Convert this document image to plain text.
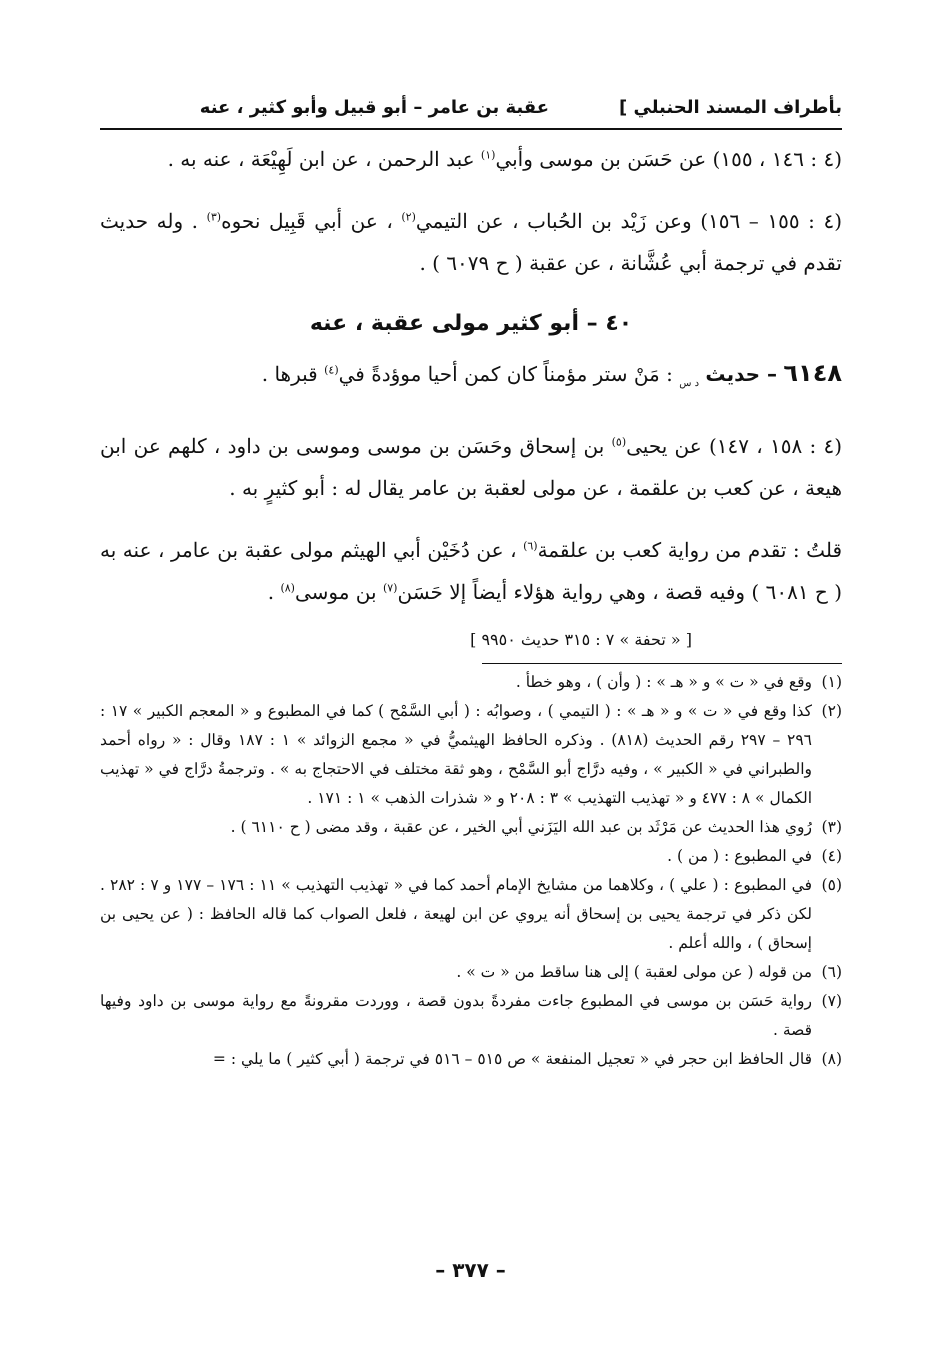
بأطراف المسند الحنبلي ]
عقبة بن عامر – أبو قبيل وأبو كثير ، عنه

(٤ : ١٤٦ ، ١٥٥) عن حَسَن بن موسى وأبي$^{(١)}$ عبد الرحمن ، عن ابن لَهِيْعَة ، عنه به .

(٤ : ١٥٥ – ١٥٦) وعن زَيْد بن الحُباب ، عن التيمي$^{(٢)}$ ، عن أبي قَبِيل نحوه$^{(٣)}$ . وله حديث تقدم في ترجمة أبي عُشَّانة ، عن عقبة ( ح ٦٠٧٩ ) .

٤٠ – أبو كثير مولى عقبة ، عنه

٦١٤٨ – حديث $_{د س}$ : مَنْ ستر مؤمناً كان كمن أحيا موؤدةً في$^{(٤)}$ قبرها .

(٤ : ١٥٨ ، ١٤٧) عن يحيى$^{(٥)}$ بن إسحاق وحَسَن بن موسى وموسى بن داود ، كلهم عن ابن هيعة ، عن كعب بن علقمة ، عن مولى لعقبة بن عامر يقال له : أبو كثيرٍ به .

قلتُ : تقدم من رواية كعب بن علقمة$^{(٦)}$ ، عن دُخَيْن أبي الهيثم مولى عقبة بن عامر ، عنه به ( ح ٦٠٨١ ) وفيه قصة ، وهي رواية هؤلاء أيضاً إلا حَسَن$^{(٧)}$ بن موسى$^{(٨)}$ .

[ « تحفة » ٧ : ٣١٥ حديث ٩٩٥٠ ]
(١)
وقع في « ت » و « هـ » : ( وأن ) ، وهو خطأ .
(٢)
كذا وقع في « ت » و « هـ » : ( التيمي ) ، وصوابُه : ( أبي السَّمْح ) كما في المطبوع و « المعجم الكبير » ١٧ : ٢٩٦ – ٢٩٧ رقم الحديث (٨١٨) . وذكره الحافظ الهيثميُّ في « مجمع الزوائد » ١ : ١٨٧ وقال : « رواه أحمد والطبراني في « الكبير » ، وفيه درَّاج أبو السَّمْح ، وهو ثقة مختلف في الاحتجاج به » . وترجمةُ درَّاج في « تهذيب الكمال » ٨ : ٤٧٧ و « تهذيب التهذيب » ٣ : ٢٠٨ و « شذرات الذهب » ١ : ١٧١ .
(٣)
رُوي هذا الحديث عن مَرْثَد بن عبد الله اليَزَني أبي الخير ، عن عقبة ، وقد مضى ( ح ٦١١٠ ) .
(٤)
في المطبوع : ( من ) .
(٥)
في المطبوع : ( علي ) ، وكلاهما من مشايخ الإمام أحمد كما في « تهذيب التهذيب » ١١ : ١٧٦ – ١٧٧ و ٧ : ٢٨٢ . لكن ذكر في ترجمة يحيى بن إسحاق أنه يروي عن ابن لهيعة ، فلعل الصواب كما قاله الحافظ : ( عن يحيى بن إسحاق ) ، والله أعلم .
(٦)
من قوله ( عن مولى لعقبة ) إلى هنا ساقط من « ت » .
(٧)
رواية حَسَن بن موسى في المطبوع جاءت مفردةً بدون قصة ، ووردت مقرونةً مع رواية موسى بن داود وفيها قصة .
(٨)
قال الحافظ ابن حجر في « تعجيل المنفعة » ص ٥١٥ – ٥١٦ في ترجمة ( أبي كثير ) ما يلي : =
– ٣٧٧ –
